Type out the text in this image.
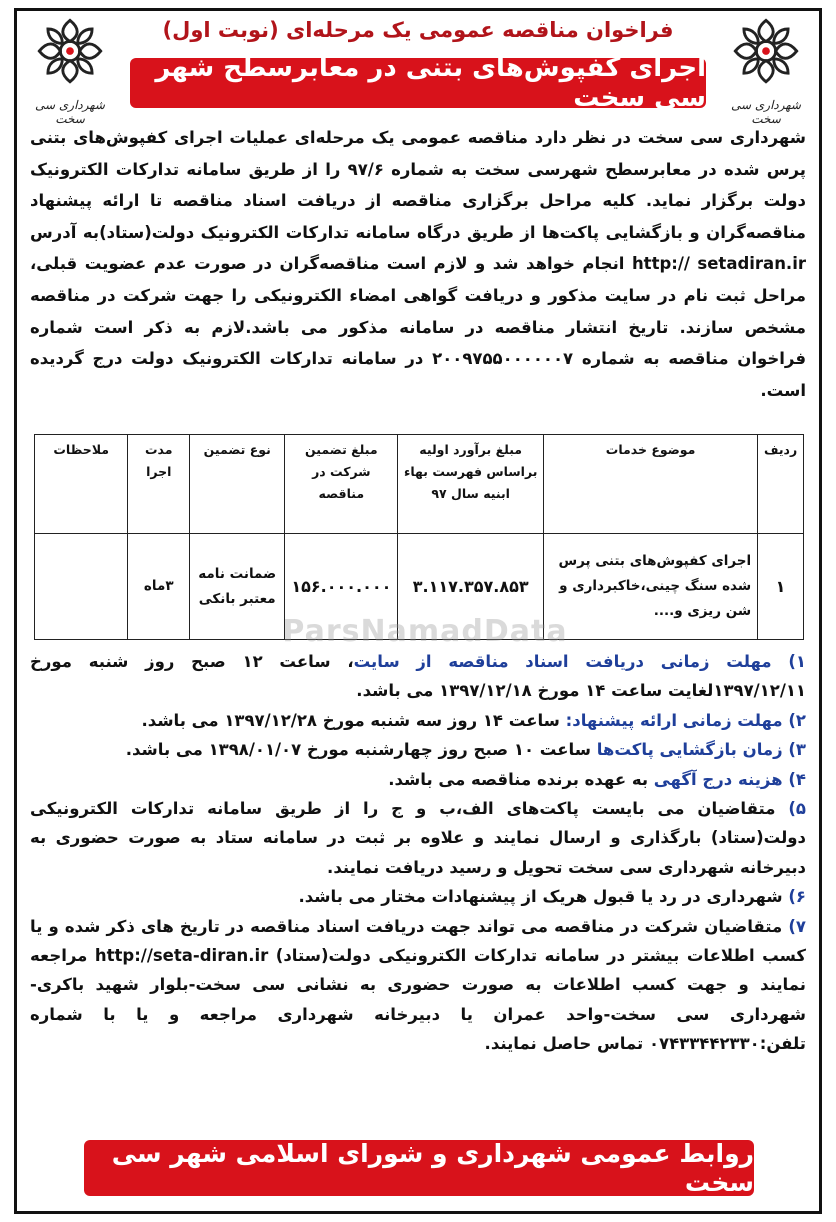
شهرداری سی سخت
شهرداری سی سخت
فراخوان مناقصه عمومی یک مرحله‌ای (نوبت اول)
اجرای کفپوش‌های بتنی در معابرسطح شهر سی سخت
شهرداری سی سخت در نظر دارد مناقصه عمومی یک مرحله‌ای عملیات اجرای کفپوش‌های بتنی پرس شده در معابرسطح شهرسی سخت به شماره ۹۷/۶ را از طریق سامانه تدارکات الکترونیک دولت برگزار نماید. کلیه مراحل برگزاری مناقصه از دریافت اسناد مناقصه تا ارائه پیشنهاد مناقصه‌گران و بازگشایی پاکت‌ها از طریق درگاه سامانه تدارکات الکترونیک دولت(ستاد)به آدرس http:// setadiran.ir انجام خواهد شد و لازم است مناقصه‌گران در صورت عدم عضویت قبلی، مراحل ثبت نام در سایت مذکور و دریافت گواهی امضاء الکترونیکی را جهت شرکت در مناقصه مشخص سازند. تاریخ انتشار مناقصه در سامانه مذکور می باشد.لازم به ذکر است شماره فراخوان مناقصه به شماره ۲۰۰۹۷۵۵۰۰۰۰۰۰۷ در سامانه تدارکات الکترونیک دولت درج گردیده است.
ردیف	موضوع خدمات	مبلغ برآورد اولیه براساس فهرست بهاء ابنیه سال ۹۷	مبلغ تضمین شرکت در مناقصه	نوع تضمین	مدت اجرا	ملاحظات
۱	اجرای کفپوش‌های بتنی پرس شده سنگ چینی،خاکبرداری و شن ریزی و....	۳.۱۱۷.۳۵۷.۸۵۳	۱۵۶.۰۰۰.۰۰۰	ضمانت نامه معتبر بانکی	۳ماه	
ParsNamadData

۱) مهلت زمانی دریافت اسناد مناقصه از سایت، ساعت ۱۲ صبح روز شنبه مورخ ۱۳۹۷/۱۲/۱۱لغایت ساعت ۱۴ مورخ ۱۳۹۷/۱۲/۱۸ می باشد.

۲) مهلت زمانی ارائه پیشنهاد: ساعت ۱۴ روز سه شنبه مورخ ۱۳۹۷/۱۲/۲۸ می باشد.

۳) زمان بازگشایی پاکت‌ها ساعت ۱۰ صبح روز چهارشنبه مورخ ۱۳۹۸/۰۱/۰۷ می باشد.

۴) هزینه درج آگهی به عهده برنده مناقصه می باشد.

۵) متقاضیان می بایست پاکت‌های الف،ب و ج را از طریق سامانه تدارکات الکترونیکی دولت(ستاد) بارگذاری و ارسال نمایند و علاوه بر ثبت در سامانه ستاد به صورت حضوری به دبیرخانه شهرداری سی سخت تحویل و رسید دریافت نمایند.

۶) شهرداری در رد یا قبول هریک از پیشنهادات مختار می باشد.

۷) متقاضیان شرکت در مناقصه می تواند جهت دریافت اسناد مناقصه در تاریخ های ذکر شده و یا کسب اطلاعات بیشتر در سامانه تدارکات الکترونیکی دولت(ستاد) http://seta-diran.ir مراجعه نمایند و جهت کسب اطلاعات به صورت حضوری به نشانی سی سخت-بلوار شهید باکری-شهرداری سی سخت-واحد عمران یا دبیرخانه شهرداری مراجعه و یا با شماره تلفن:۰۷۴۳۳۴۴۲۳۳۰ تماس حاصل نمایند.

روابط عمومی شهرداری و شورای اسلامی شهر سی سخت
